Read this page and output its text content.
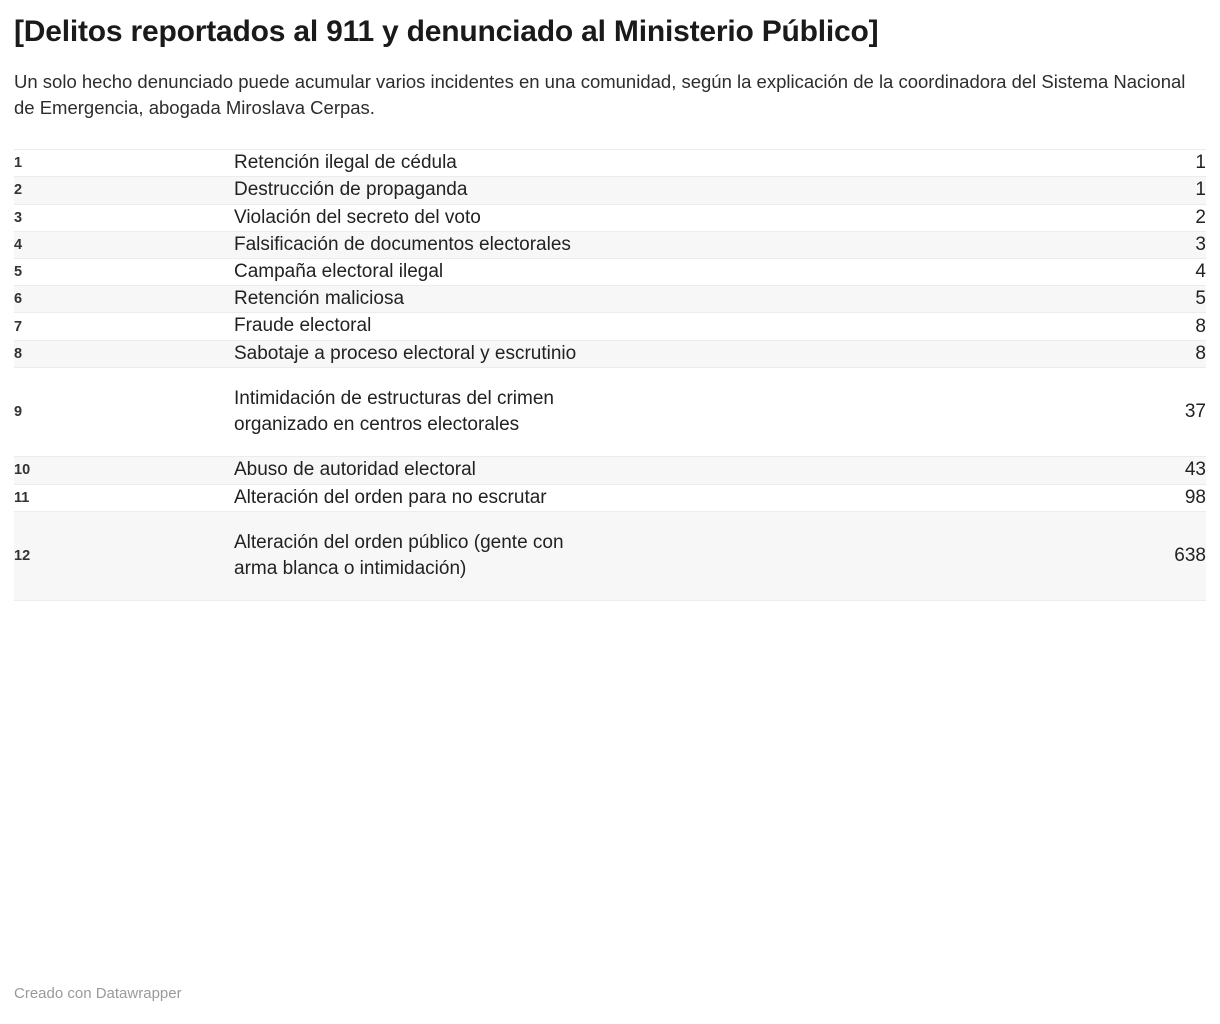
[Delitos reportados al 911 y denunciado al Ministerio Público]

Un solo hecho denunciado puede acumular varios incidentes en una comunidad, según la explicación de la coordinadora del Sistema Nacional de Emergencia, abogada Miroslava Cerpas.

1	Retención ilegal de cédula	1
2	Destrucción de propaganda	1
3	Violación del secreto del voto	2
4	Falsificación de documentos electorales	3
5	Campaña electoral ilegal	4
6	Retención maliciosa	5
7	Fraude electoral	8
8	Sabotaje a proceso electoral y escrutinio	8
9	Intimidación de estructuras del crimen
organizado en centros electorales	37
10	Abuso de autoridad electoral	43
11	Alteración del orden para no escrutar	98
12	Alteración del orden público (gente con
arma blanca o intimidación)	638
Creado con Datawrapper
